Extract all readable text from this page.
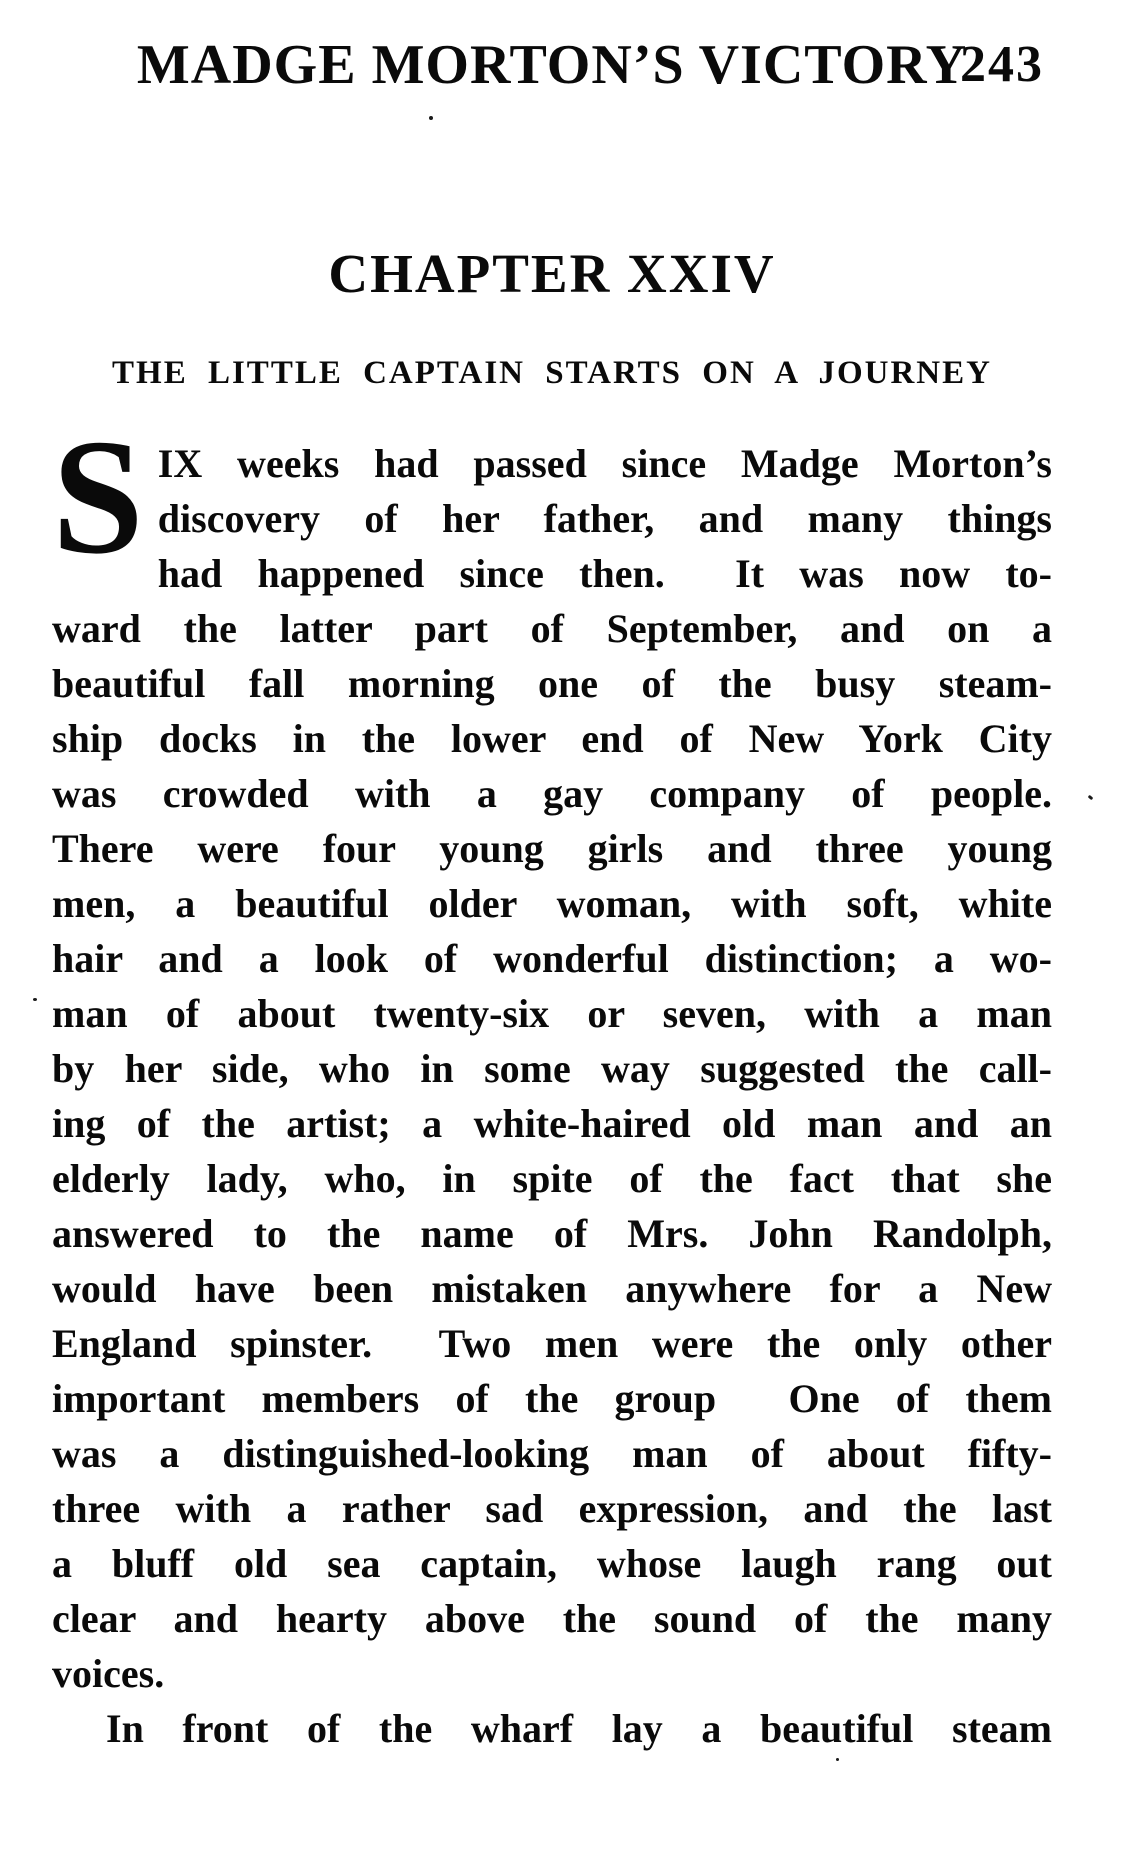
MADGE MORTON’S VICTORY
243
CHAPTER XXIV
THE LITTLE CAPTAIN STARTS ON A JOURNEY
S IX weeks had passed since Madge Morton’s
discovery of her father, and many things
had happened since then.  It was now to-
ward the latter part of September, and on a
beautiful fall morning one of the busy steam-
ship docks in the lower end of New York City
was crowded with a gay company of people.
There were four young girls and three young
men, a beautiful older woman, with soft, white
hair and a look of wonderful distinction; a wo-
man of about twenty-six or seven, with a man
by her side, who in some way suggested the call-
ing of the artist; a white-haired old man and an
elderly lady, who, in spite of the fact that she
answered to the name of Mrs. John Randolph,
would have been mistaken anywhere for a New
England spinster.  Two men were the only other
important members of the group  One of them
was a distinguished-looking man of about fifty-
three with a rather sad expression, and the last
a bluff old sea captain, whose laugh rang out
clear and hearty above the sound of the many
voices.
In front of the wharf lay a beautiful steam
